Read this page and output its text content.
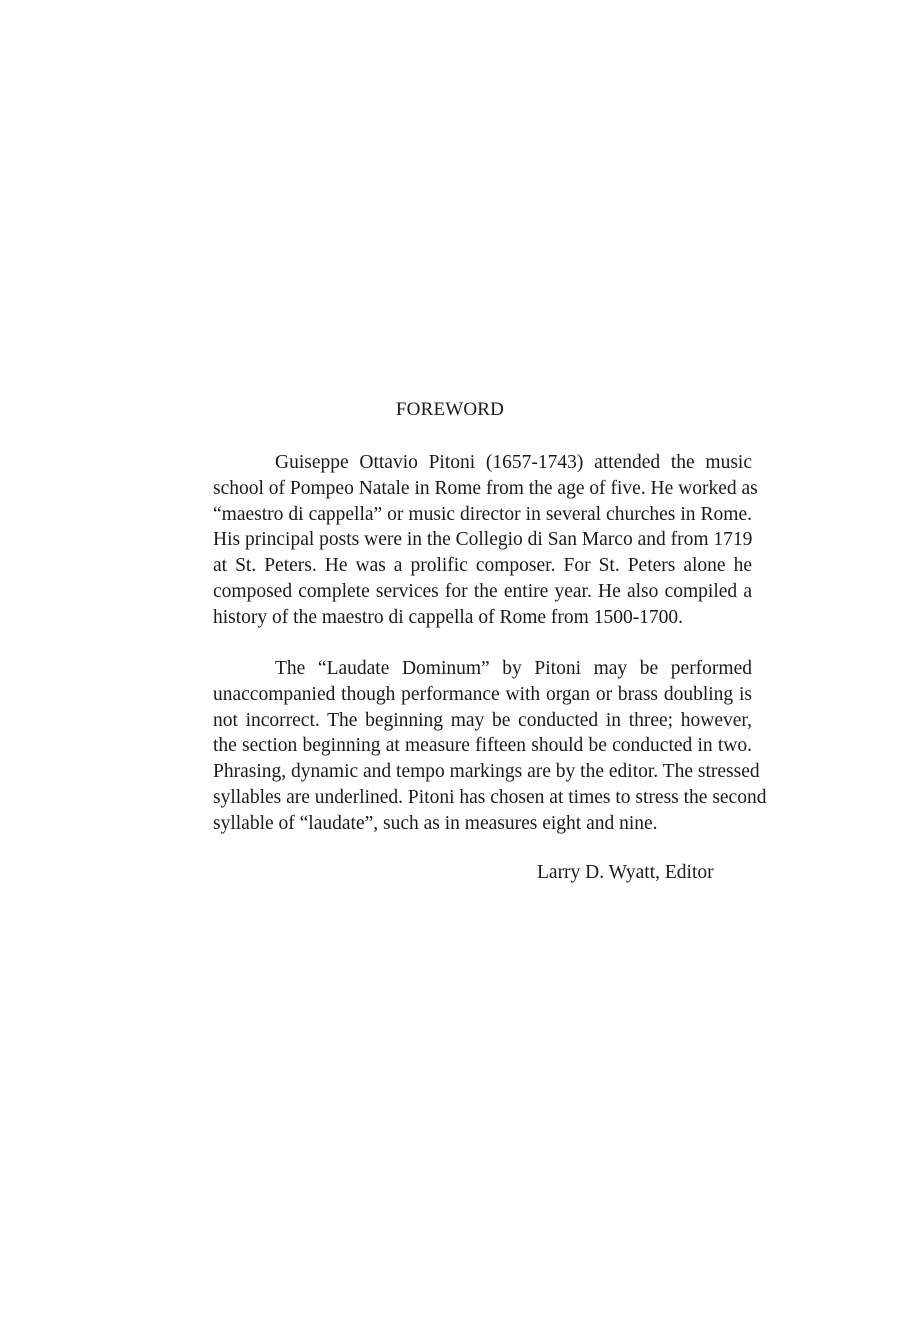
FOREWORD
Guiseppe Ottavio Pitoni (1657-1743) attended the music
school of Pompeo Natale in Rome from the age of five. He worked as
“maestro di cappella” or music director in several churches in Rome.
His principal posts were in the Collegio di San Marco and from 1719
at St. Peters. He was a prolific composer. For St. Peters alone he
composed complete services for the entire year. He also compiled a
history of the maestro di cappella of Rome from 1500-1700.
The “Laudate Dominum” by Pitoni may be performed
unaccompanied though performance with organ or brass doubling is
not incorrect. The beginning may be conducted in three; however,
the section beginning at measure fifteen should be conducted in two.
Phrasing, dynamic and tempo markings are by the editor. The stressed
syllables are underlined. Pitoni has chosen at times to stress the second
syllable of “laudate”, such as in measures eight and nine.
Larry D. Wyatt, Editor
